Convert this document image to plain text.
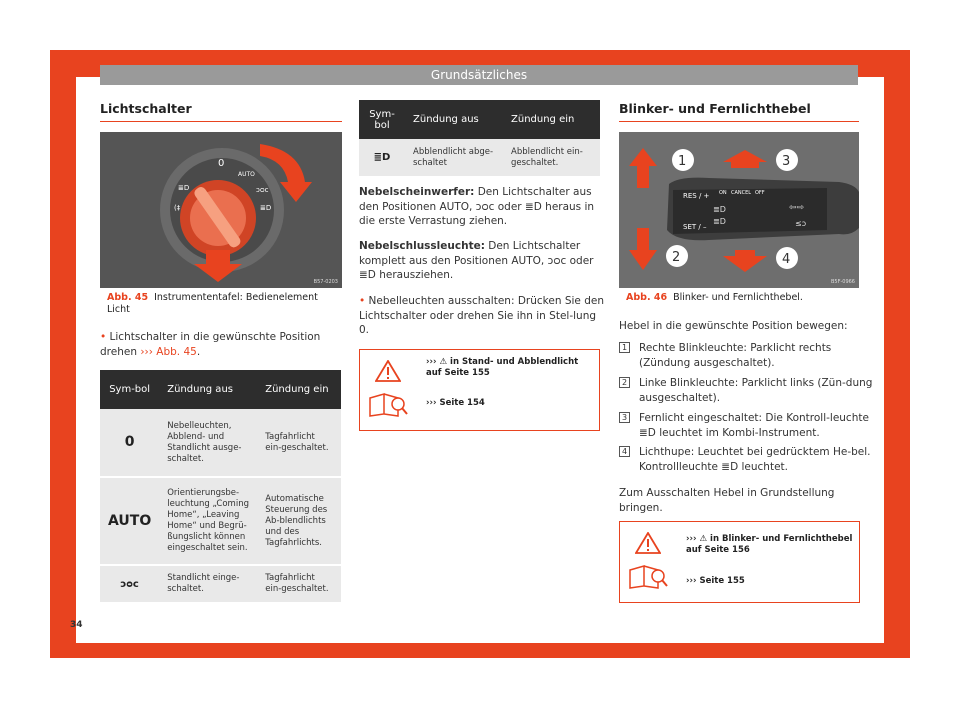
Grundsätzliches
Lichtschalter
0
AUTO
ᴐᴑᴄ
≣D
≣D
(‡
B57-0203
Abb. 45 Instrumententafel: Bedienelement Licht
• Lichtschalter in die gewünschte Position drehen ››› Abb. 45.
Sym-bol	Zündung aus	Zündung ein
0	Nebelleuchten, Abblend- und Standlicht ausge-schaltet.	Tagfahrlicht ein-geschaltet.
AUTO	Orientierungsbe-leuchtung „Coming Home“, „Leaving Home“ und Begrü-ßungslicht können eingeschaltet sein.	Automatische Steuerung des Ab-blendlichts und des Tagfahrlichts.
ᴐᴑᴄ	Standlicht einge-schaltet.	Tagfahrlicht ein-geschaltet.
34
Sym-bol	Zündung aus	Zündung ein
≣D	Abblendlicht abge-schaltet	Abblendlicht ein-geschaltet.
Nebelscheinwerfer: Den Lichtschalter aus den Positionen AUTO, ᴐᴑᴄ oder ≣D heraus in die erste Verrastung ziehen.
Nebelschlussleuchte: Den Lichtschalter komplett aus den Positionen AUTO, ᴐᴑᴄ oder ≣D herausziehen.
• Nebelleuchten ausschalten: Drücken Sie den Lichtschalter oder drehen Sie ihn in Stel-lung 0.
››› ⚠ in Stand- und Abblendlicht auf Seite 155
››› Seite 154
Blinker- und Fernlichthebel
RES / +
SET / –
ON CANCEL OFF
≣D
≣D
⇦⇨
≤ᴐ
1
2
3
4
B5F-0966
Abb. 46 Blinker- und Fernlichthebel.
Hebel in die gewünschte Position bewegen:
1 Rechte Blinkleuchte: Parklicht rechts (Zündung ausgeschaltet).
2 Linke Blinkleuchte: Parklicht links (Zün-dung ausgeschaltet).
3 Fernlicht eingeschaltet: Die Kontroll-leuchte ≣D leuchtet im Kombi-Instrument.
4 Lichthupe: Leuchtet bei gedrücktem He-bel. Kontrollleuchte ≣D leuchtet.
Zum Ausschalten Hebel in Grundstellung bringen.
››› ⚠ in Blinker- und Fernlichthebel auf Seite 156
››› Seite 155
